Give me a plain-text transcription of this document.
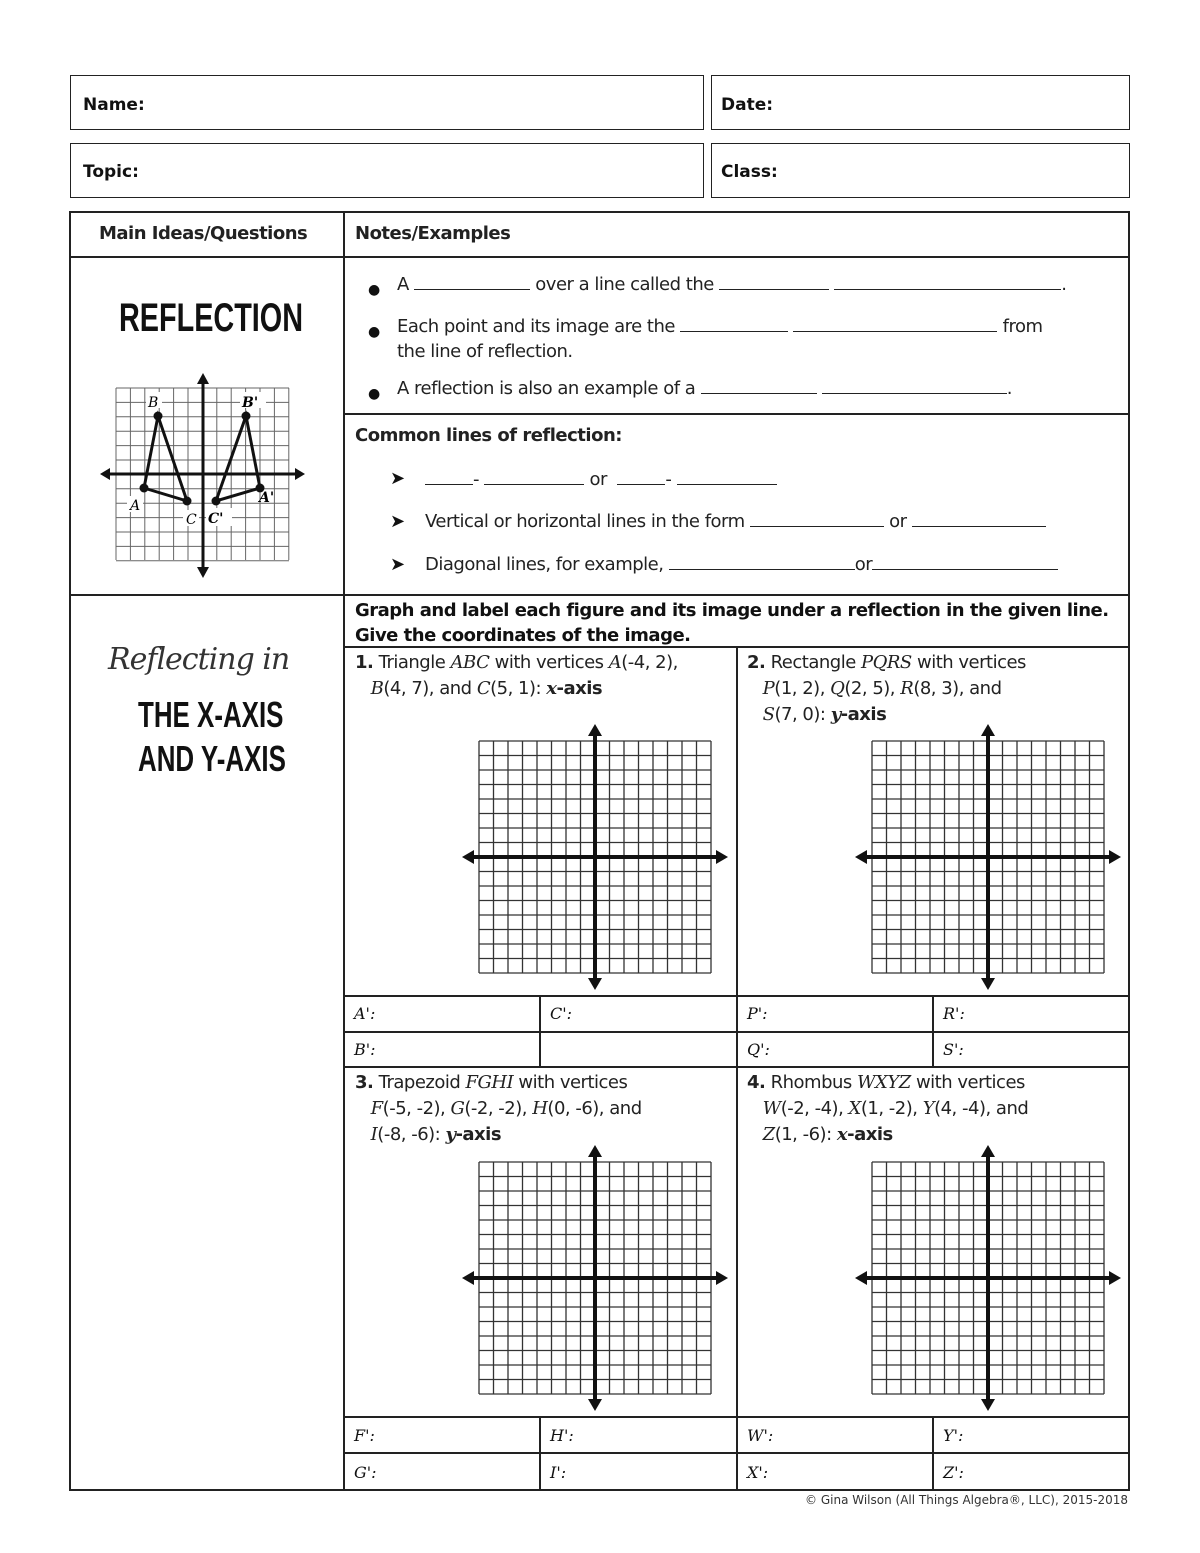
Name:	Date:
Topic:	Class:
Main Ideas/Questions	Notes/Examples
REFLECTION
A
B
C
B'
A'
C'
● A	over a line called the	.
● Each point and its image are the	from
the line of reflection.
● A reflection is also an example of a	.
Common lines of reflection:
➤	-	or	-
➤ Vertical or horizontal lines in the form	or
➤ Diagonal lines, for example,	or
Reflecting in
THE X-AXIS
AND Y-AXIS
Graph and label each figure and its image under a reflection in the given line. Give the coordinates of the image.
1. Triangle ABC with vertices A(-4, 2),
B(4, 7), and C(5, 1): x-axis
2. Rectangle PQRS with vertices
P(1, 2), Q(2, 5), R(8, 3), and
S(7, 0): y-axis
3. Trapezoid FGHI with vertices
F(-5, -2), G(-2, -2), H(0, -6), and
I(-8, -6): y-axis
4. Rhombus WXYZ with vertices
W(-2, -4), X(1, -2), Y(4, -4), and
Z(1, -6): x-axis
A':	C':
B':
P':	R':
Q':	S':
F':	H':
G':	I':
W':	Y':
X':	Z':
© Gina Wilson (All Things Algebra®, LLC), 2015-2018
